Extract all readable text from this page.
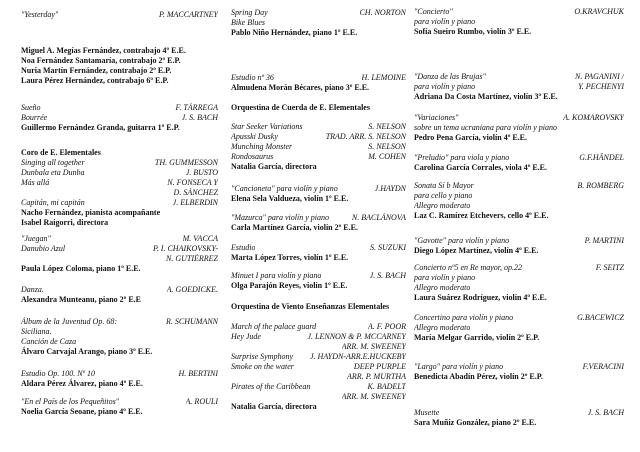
"Yesterday"	P. MACCARTNEY
Miguel A. Megías Fernández, contrabajo 4º E.E.
Noa Fernández Santamaría, contrabajo 2º E.P.
Nuria Martín Fernández, contrabajo 2º E.P.
Laura Pérez Hernández, contrabajo 6º E.P.
Sueño	F. TÁRREGA
Bourrée	J. S. BACH
Guillermo Fernández Granda, guitarra 1º E.P.
Coro de E. Elementales
Singing all together	TH. GUMMESSON
Dunbala eta Dunba	J. BUSTO
Más allá	N. FONSECA Y
D. SÁNCHEZ
Capitán, mi capitán	J. ELBERDIN
Nacho Fernández, pianista acompañante
Isabel Raigorri, directora
"Juegan"	M. VACCA
Danubio Azul	P. I. CHAIKOVSKY-
N. GUTIÉRREZ
Paula López Coloma, piano 1º E.E.
Danza.	A. GOEDICKE.
Alexandra Munteanu, piano 2º E.E
Álbum de la Juventud Op. 68:	R. SCHUMANN
Siciliana.
Canción de Caza
Álvaro Carvajal Arango, piano 3º E.E.
Estudio Op. 100. Nº 10	H. BERTINI
Aldara Pérez Álvarez, piano 4º E.E.
"En el País de los Pequeñitos"	A. ROULI
Noelia García Seoane, piano 4º E.E.
Spring Day	CH. NORTON
Bike Blues
Pablo Niño Hernández, piano 1º E.E.
Estudio nº 36	H. LEMOINE
Almudena Morán Bécares, piano 3º E.E.
Orquestina de Cuerda de E. Elementales
Star Seeker Variations	S. NELSON
Apusski Dusky	TRAD. ARR. S. NELSON
Munching Monster	S. NELSON
Rondosaurus	M. COHEN
Natalia García, directora
"Cancioneta" para violín y piano	J.HAYDN
Elena Sela Valdueza, violín 1º E.E.
"Mazurca" para violín y piano	N. BACLÁNOVA
Carla Martínez García, violín 2º E.E.
Estudio	S. SUZUKI
Marta López Torres, violín 1º E.E.
Minuet I para violín y piano	J. S. BACH
Olga Parajón Reyes, violín 1º E.E.
Orquestina de Viento Enseñanzas Elementales
March of the palace guard	A. F. POOR
Hey Jude	J. LENNON & P. MCCARNEY
ARR. M. SWEENEY
Surprise Symphony J. HAYDN-ARR.E.HUCKEBY
Smoke on the water	DEEP PURPLE
ARR. P. MURTHA
Pirates of the Caribbean	K. BADELT
ARR. M. SWEENEY
Natalia García, directora
"Concierto"	O.KRAVCHUK
para violín y piano
Sofía Sueiro Rumbo, violín 3º E.E.
"Danza de las Brujas"	N. PAGANINI /
para violín y piano	Y. PECHENYI
Adriana Da Costa Martínez, violín 3º E.E.
"Variaciones"	A. KOMAROVSKY
sobre un tema ucraniana para violín y piano
Pedro Pena García, violín 4º E.E.
"Preludio" para viola y piano	G.F.HÄNDEL
Carolina García Corrales, viola 4º E.E.
Sonata Sí b Mayor	B. ROMBERG
para cello y piano
Allegro moderato
Laz C. Ramírez Etchevers, cello 4º E.E.
"Gavotte" para violín y piano	P. MARTINI
Diego López Martínez, violín 4º E.E.
Concierto nº5 en Re mayor, op.22	F. SEITZ
para violín y piano
Allegro moderato
Laura Suárez Rodríguez, violín 4º E.E.
Concertino para violín y piano	G.BACEWICZ
Allegro moderato
María Melgar Garrido, violín 2º E.P.
"Largo" para violín y piano	F.VERACINI
Benedicta Abadín Pérez, violín 2º E.P.
Musette	J. S. BACH
Sara Muñiz González, piano 2º E.E.
